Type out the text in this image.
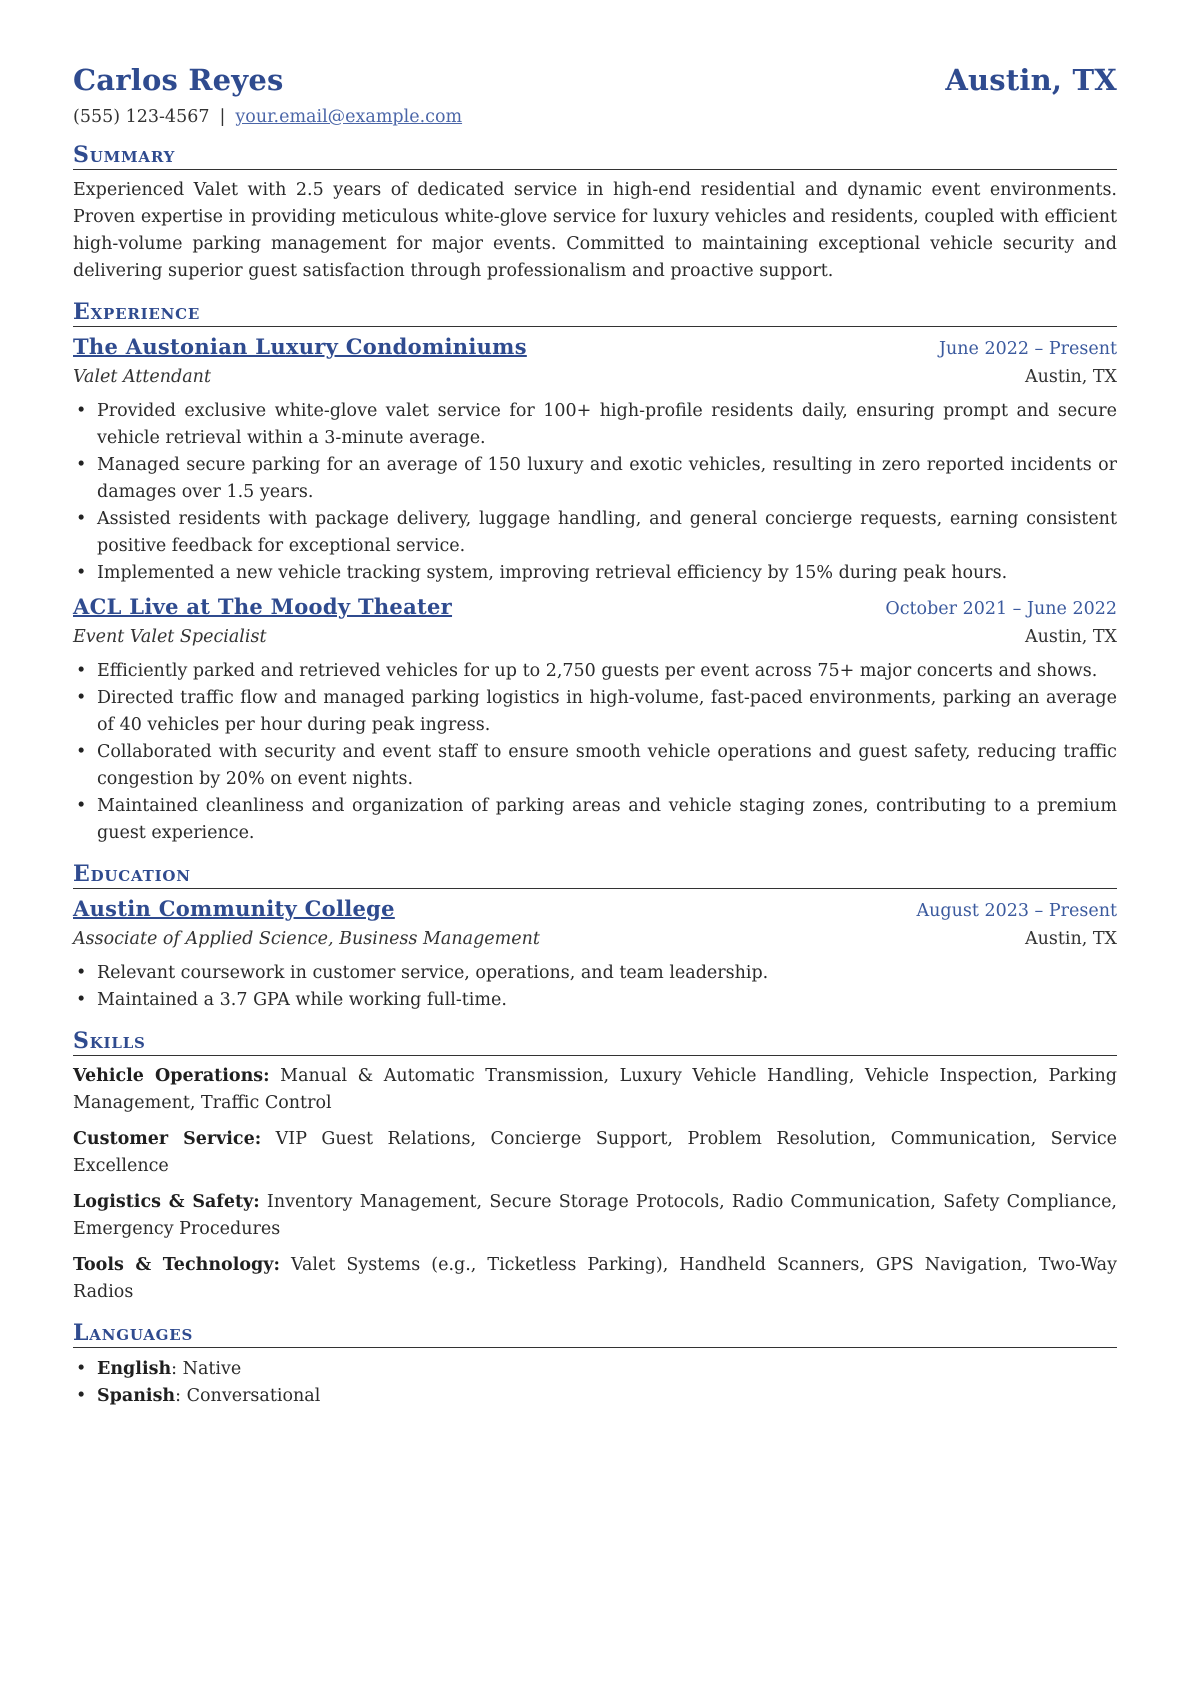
Carlos Reyes	Austin, TX
(555) 123-4567 | your.email@example.com
Summary

Experienced Valet with 2.5 years of dedicated service in high-end residential and dynamic event environments. Proven expertise in providing meticulous white-glove service for luxury vehicles and residents, coupled with efficient high-volume parking management for major events. Committed to maintaining exceptional vehicle security and delivering superior guest satisfaction through professionalism and proactive support.

Experience
The Austonian Luxury Condominiums	June 2022 – Present
Valet Attendant	Austin, TX
• Provided exclusive white-glove valet service for 100+ high-profile residents daily, ensuring prompt and secure vehicle retrieval within a 3-minute average.
• Managed secure parking for an average of 150 luxury and exotic vehicles, resulting in zero reported incidents or damages over 1.5 years.
• Assisted residents with package delivery, luggage handling, and general concierge requests, earning consistent positive feedback for exceptional service.
• Implemented a new vehicle tracking system, improving retrieval efficiency by 15% during peak hours.
ACL Live at The Moody Theater	October 2021 – June 2022
Event Valet Specialist	Austin, TX
• Efficiently parked and retrieved vehicles for up to 2,750 guests per event across 75+ major concerts and shows.
• Directed traffic flow and managed parking logistics in high-volume, fast-paced environments, parking an average of 40 vehicles per hour during peak ingress.
• Collaborated with security and event staff to ensure smooth vehicle operations and guest safety, reducing traffic congestion by 20% on event nights.
• Maintained cleanliness and organization of parking areas and vehicle staging zones, contributing to a premium guest experience.
Education
Austin Community College	August 2023 – Present
Associate of Applied Science, Business Management	Austin, TX
• Relevant coursework in customer service, operations, and team leadership.
• Maintained a 3.7 GPA while working full-time.
Skills
Vehicle Operations: Manual & Automatic Transmission, Luxury Vehicle Handling, Vehicle Inspection, Parking Management, Traffic Control
Customer Service: VIP Guest Relations, Concierge Support, Problem Resolution, Communication, Service Excellence
Logistics & Safety: Inventory Management, Secure Storage Protocols, Radio Communication, Safety Compliance, Emergency Procedures
Tools & Technology: Valet Systems (e.g., Ticketless Parking), Handheld Scanners, GPS Navigation, Two-Way Radios
Languages
• English: Native
• Spanish: Conversational
